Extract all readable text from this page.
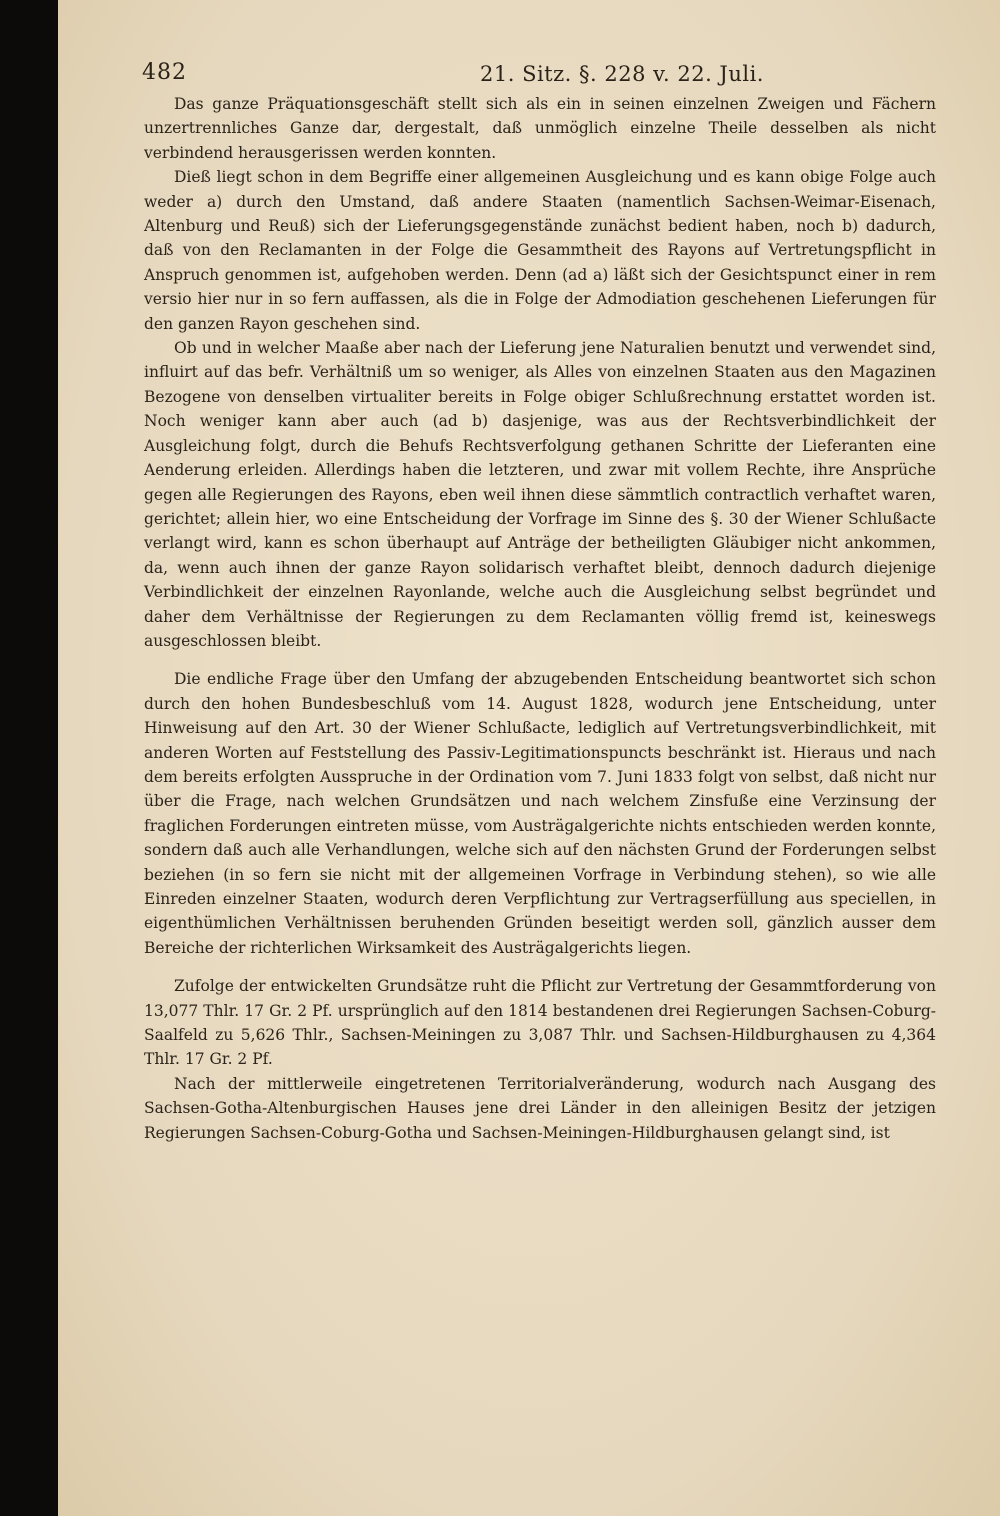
482	21. Sitz. §. 228 v. 22. Juli.

Das ganze Präquationsgeschäft stellt sich als ein in seinen einzelnen Zweigen und Fächern unzertrennliches Ganze dar, dergestalt, daß unmöglich einzelne Theile desselben als nicht verbindend herausgerissen werden konnten.

Dieß liegt schon in dem Begriffe einer allgemeinen Ausgleichung und es kann obige Folge auch weder a) durch den Umstand, daß andere Staaten (namentlich Sachsen-Weimar-Eisenach, Altenburg und Reuß) sich der Lieferungsgegenstände zunächst bedient haben, noch b) dadurch, daß von den Reclamanten in der Folge die Gesammtheit des Rayons auf Vertretungspflicht in Anspruch genommen ist, aufgehoben werden. Denn (ad a) läßt sich der Gesichtspunct einer in rem versio hier nur in so fern auffassen, als die in Folge der Admodiation geschehenen Lieferungen für den ganzen Rayon geschehen sind.

Ob und in welcher Maaße aber nach der Lieferung jene Naturalien benutzt und verwendet sind, influirt auf das befr. Verhältniß um so weniger, als Alles von einzelnen Staaten aus den Magazinen Bezogene von denselben virtualiter bereits in Folge obiger Schlußrechnung erstattet worden ist. Noch weniger kann aber auch (ad b) dasjenige, was aus der Rechtsverbindlichkeit der Ausgleichung folgt, durch die Behufs Rechtsverfolgung gethanen Schritte der Lieferanten eine Aenderung erleiden. Allerdings haben die letzteren, und zwar mit vollem Rechte, ihre Ansprüche gegen alle Regierungen des Rayons, eben weil ihnen diese sämmtlich contractlich verhaftet waren, gerichtet; allein hier, wo eine Entscheidung der Vorfrage im Sinne des §. 30 der Wiener Schlußacte verlangt wird, kann es schon überhaupt auf Anträge der betheiligten Gläubiger nicht ankommen, da, wenn auch ihnen der ganze Rayon solidarisch verhaftet bleibt, dennoch dadurch diejenige Verbindlichkeit der einzelnen Rayonlande, welche auch die Ausgleichung selbst begründet und daher dem Verhältnisse der Regierungen zu dem Reclamanten völlig fremd ist, keineswegs ausgeschlossen bleibt.

Die endliche Frage über den Umfang der abzugebenden Entscheidung beantwortet sich schon durch den hohen Bundesbeschluß vom 14. August 1828, wodurch jene Entscheidung, unter Hinweisung auf den Art. 30 der Wiener Schlußacte, lediglich auf Vertretungsverbindlichkeit, mit anderen Worten auf Feststellung des Passiv-Legitimationspuncts beschränkt ist. Hieraus und nach dem bereits erfolgten Ausspruche in der Ordination vom 7. Juni 1833 folgt von selbst, daß nicht nur über die Frage, nach welchen Grundsätzen und nach welchem Zinsfuße eine Verzinsung der fraglichen Forderungen eintreten müsse, vom Austrägalgerichte nichts entschieden werden konnte, sondern daß auch alle Verhandlungen, welche sich auf den nächsten Grund der Forderungen selbst beziehen (in so fern sie nicht mit der allgemeinen Vorfrage in Verbindung stehen), so wie alle Einreden einzelner Staaten, wodurch deren Verpflichtung zur Vertragserfüllung aus speciellen, in eigenthümlichen Verhältnissen beruhenden Gründen beseitigt werden soll, gänzlich ausser dem Bereiche der richterlichen Wirksamkeit des Austrägalgerichts liegen.

Zufolge der entwickelten Grundsätze ruht die Pflicht zur Vertretung der Gesammtforderung von 13,077 Thlr. 17 Gr. 2 Pf. ursprünglich auf den 1814 bestandenen drei Regierungen Sachsen-Coburg-Saalfeld zu 5,626 Thlr., Sachsen-Meiningen zu 3,087 Thlr. und Sachsen-Hildburghausen zu 4,364 Thlr. 17 Gr. 2 Pf.

Nach der mittlerweile eingetretenen Territorialveränderung, wodurch nach Ausgang des Sachsen-Gotha-Altenburgischen Hauses jene drei Länder in den alleinigen Besitz der jetzigen Regierungen Sachsen-Coburg-Gotha und Sachsen-Meiningen-Hildburghausen gelangt sind, ist
